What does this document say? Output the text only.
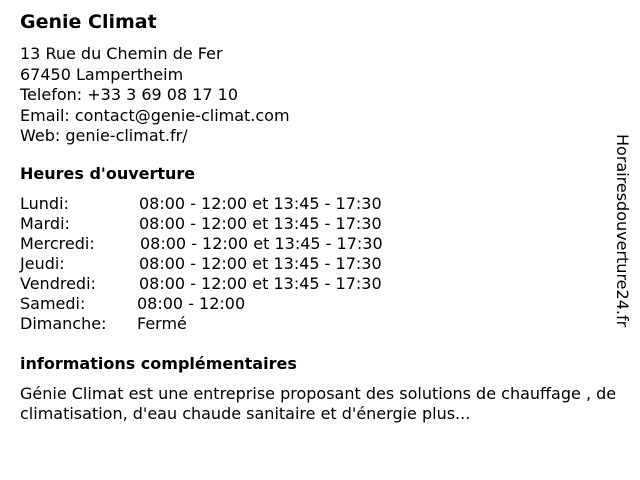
Genie Climat
13 Rue du Chemin de Fer
67450 Lampertheim
Telefon: +33 3 69 08 17 10
Email: contact@genie-climat.com
Web: genie-climat.fr/
Heures d'ouverture
Lundi:	08:00 - 12:00 et 13:45 - 17:30
Mardi:	08:00 - 12:00 et 13:45 - 17:30
Mercredi:	08:00 - 12:00 et 13:45 - 17:30
Jeudi:	08:00 - 12:00 et 13:45 - 17:30
Vendredi:	08:00 - 12:00 et 13:45 - 17:30
Samedi:	08:00 - 12:00
Dimanche: Fermé
informations complémentaires
Génie Climat est une entreprise proposant des solutions de chauffage , de climatisation, d'eau chaude sanitaire et d'énergie plus...
Horairesdouverture24.fr
